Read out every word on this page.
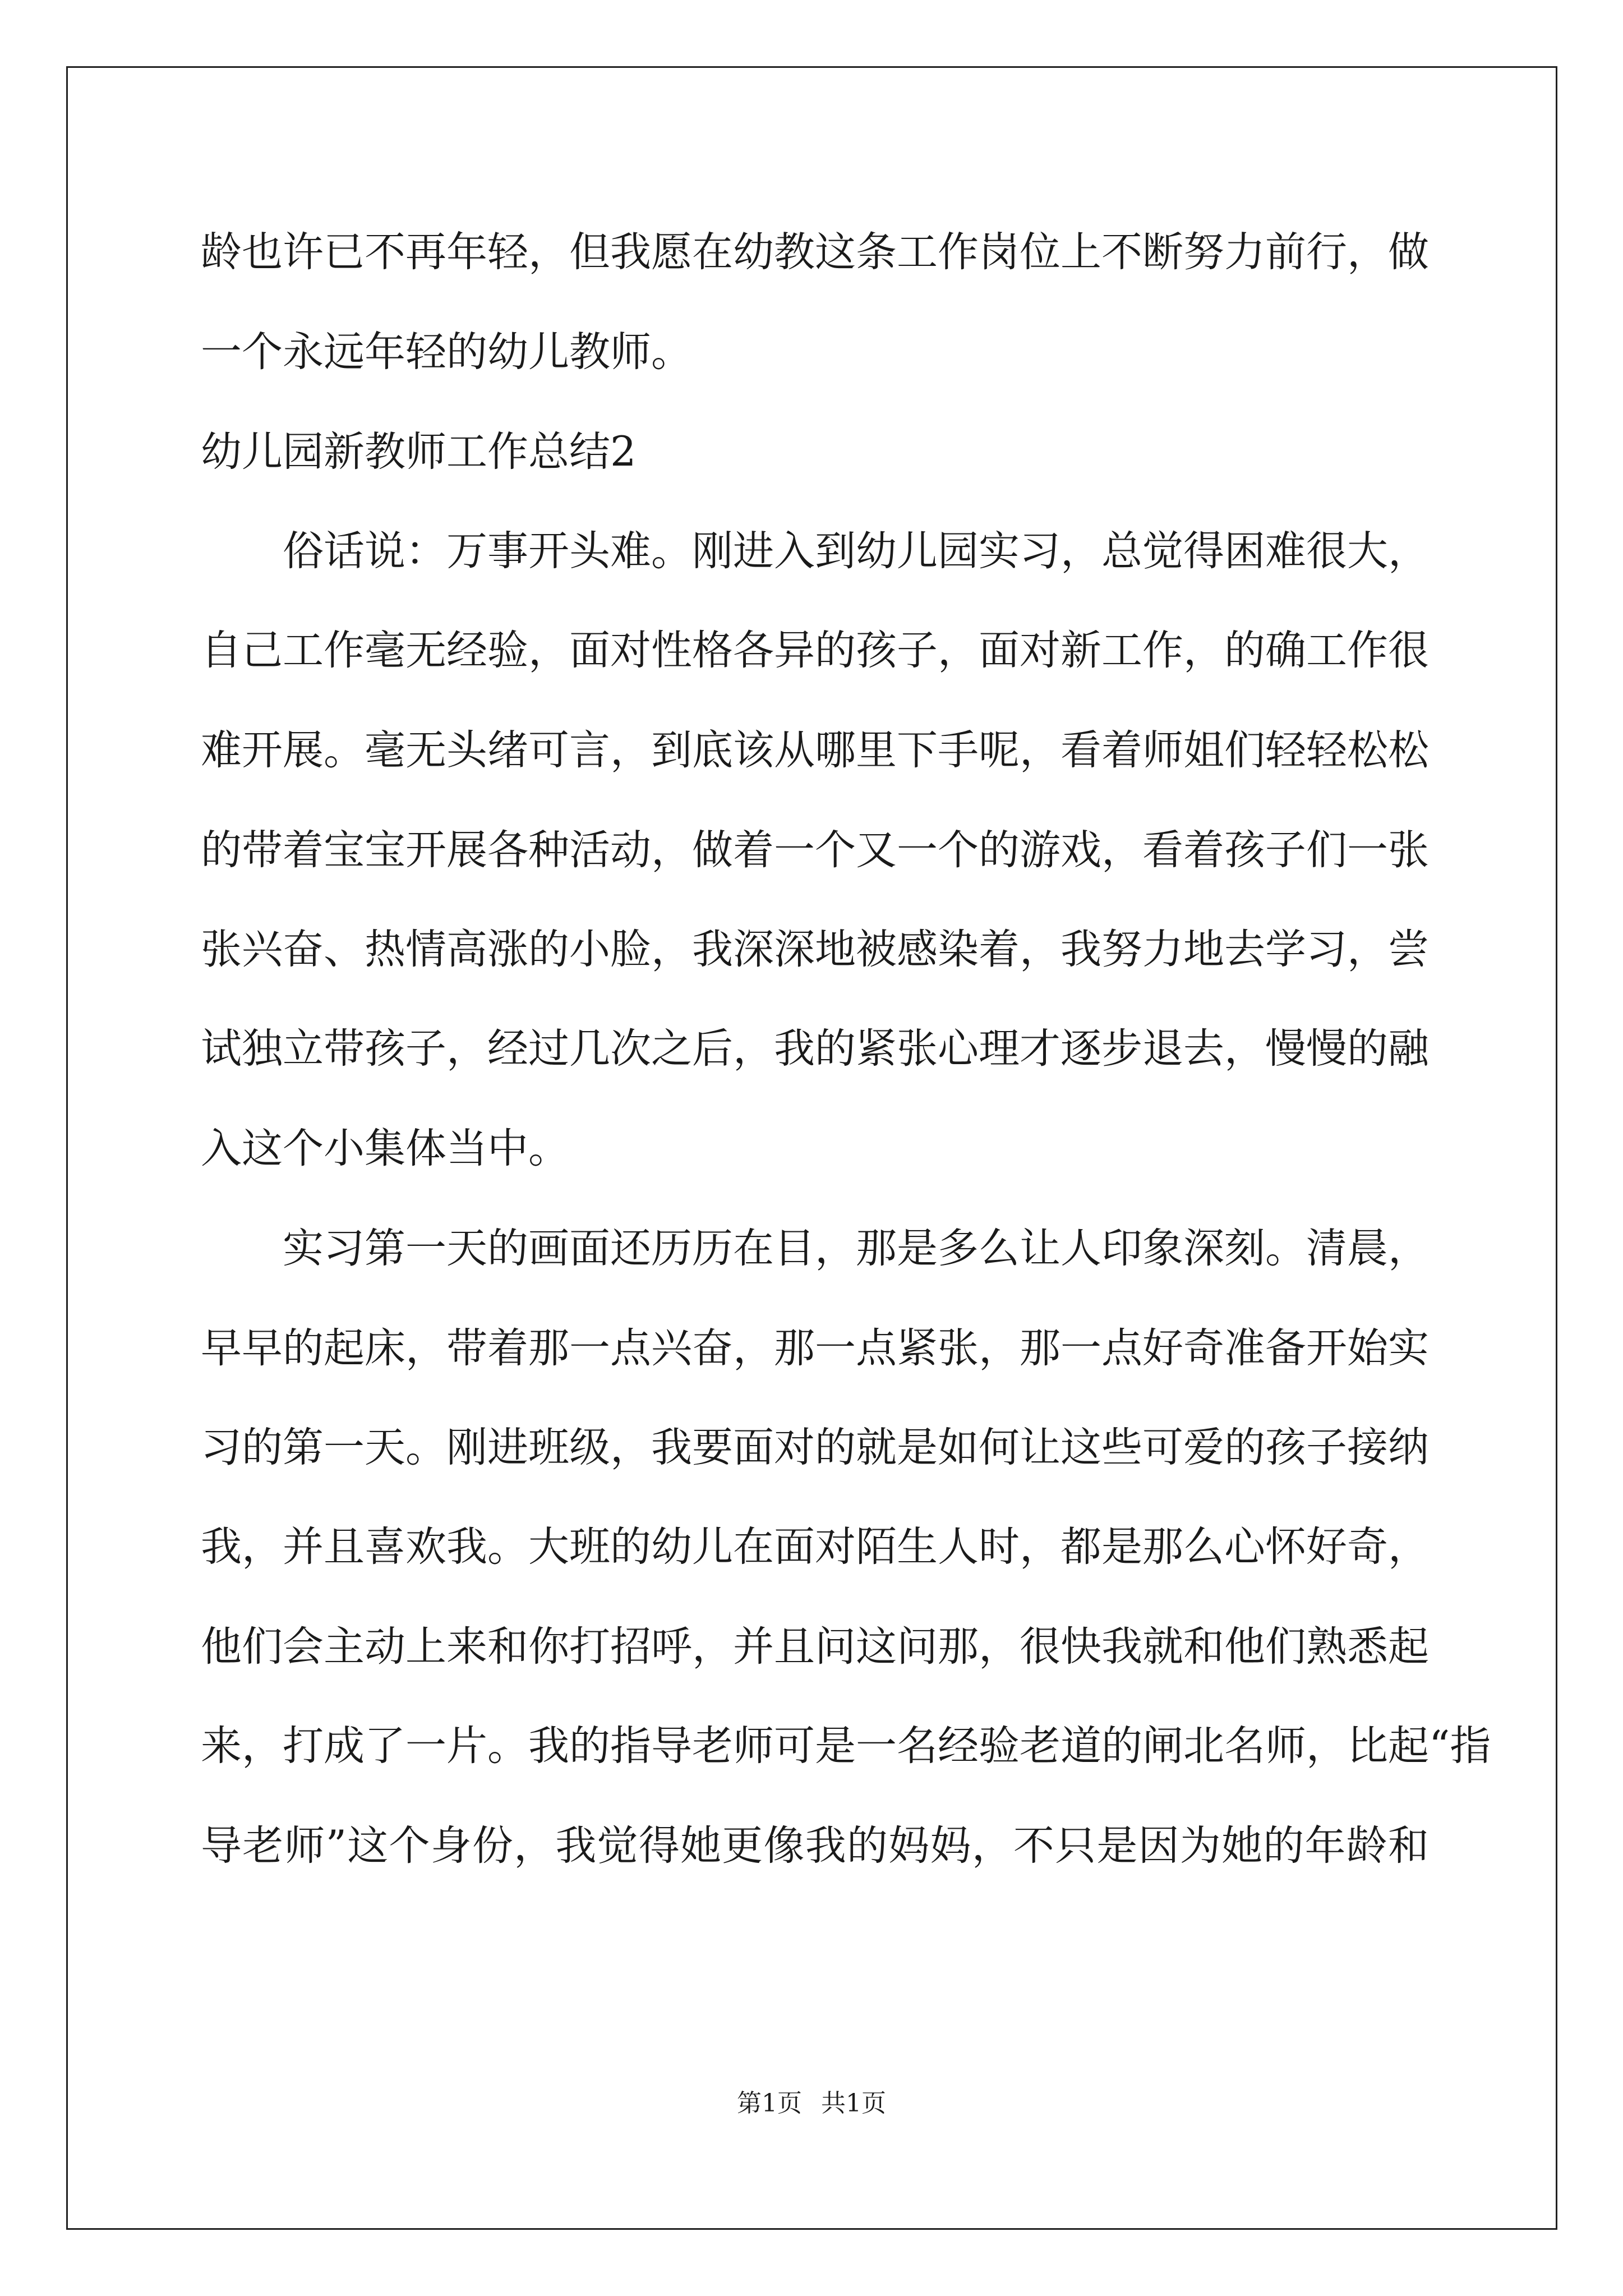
龄也许已不再年轻，但我愿在幼教这条工作岗位上不断努力前行，做
一个永远年轻的幼儿教师。
幼儿园新教师工作总结2
俗话说：万事开头难。刚进入到幼儿园实习，总觉得困难很大，
自己工作毫无经验，面对性格各异的孩子，面对新工作，的确工作很
难开展。毫无头绪可言，到底该从哪里下手呢，看着师姐们轻轻松松
的带着宝宝开展各种活动，做着一个又一个的游戏，看着孩子们一张
张兴奋、热情高涨的小脸，我深深地被感染着，我努力地去学习，尝
试独立带孩子，经过几次之后，我的紧张心理才逐步退去，慢慢的融
入这个小集体当中。
实习第一天的画面还历历在目，那是多么让人印象深刻。清晨，
早早的起床，带着那一点兴奋，那一点紧张，那一点好奇准备开始实
习的第一天。刚进班级，我要面对的就是如何让这些可爱的孩子接纳
我，并且喜欢我。大班的幼儿在面对陌生人时，都是那么心怀好奇，
他们会主动上来和你打招呼，并且问这问那，很快我就和他们熟悉起
来，打成了一片。我的指导老师可是一名经验老道的闸北名师，比起“指
导老师”这个身份，我觉得她更像我的妈妈，不只是因为她的年龄和
第1页 共1页
